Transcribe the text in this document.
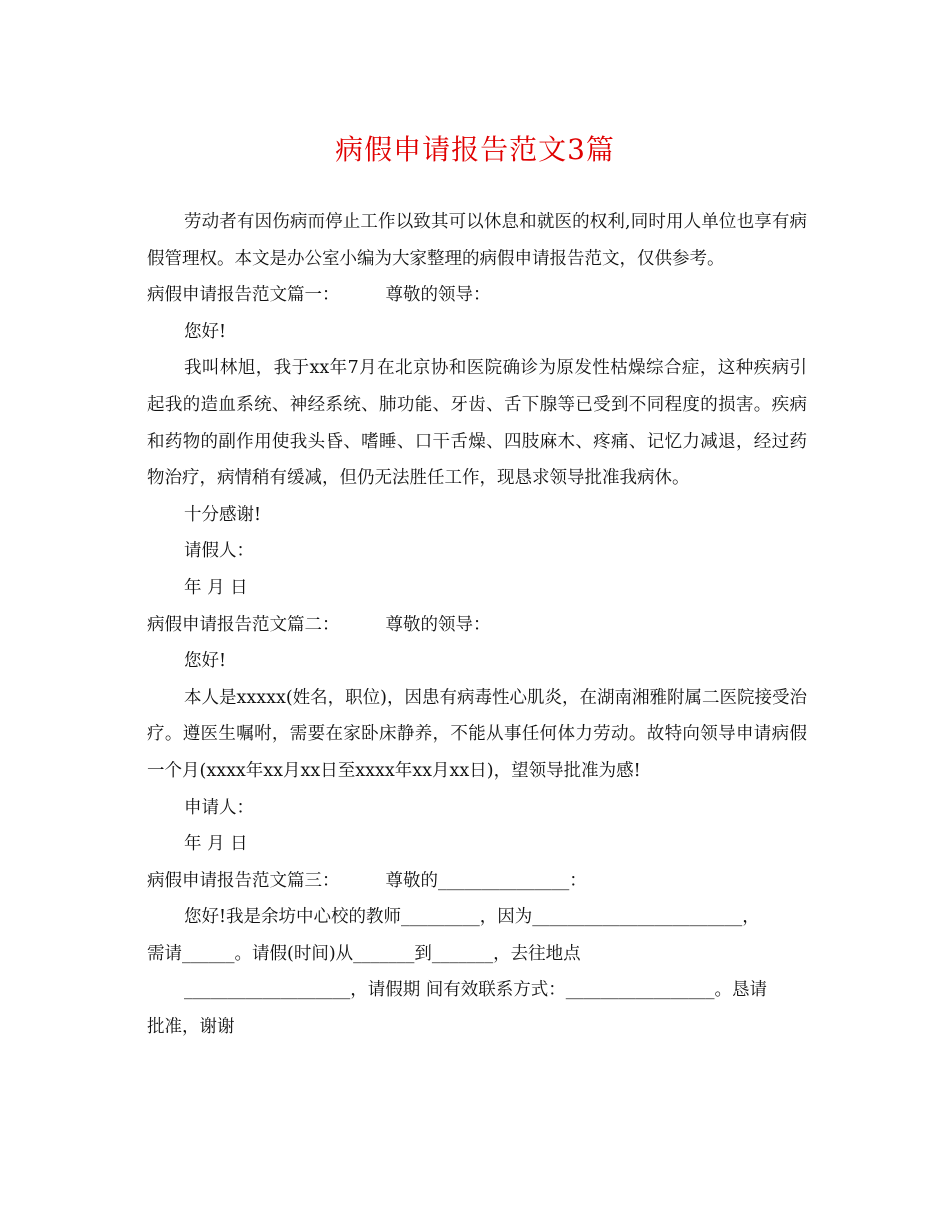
病假申请报告范文3篇

劳动者有因伤病而停止工作以致其可以休息和就医的权利,同时用人单位也享有病假管理权。本文是办公室小编为大家整理的病假申请报告范文，仅供参考。

病假申请报告范文篇一：	尊敬的领导：

您好!

我叫林旭，我于xx年7月在北京协和医院确诊为原发性枯燥综合症，这种疾病引起我的造血系统、神经系统、肺功能、牙齿、舌下腺等已受到不同程度的损害。疾病和药物的副作用使我头昏、嗜睡、口干舌燥、四肢麻木、疼痛、记忆力减退，经过药物治疗，病情稍有缓减，但仍无法胜任工作，现恳求领导批准我病休。

十分感谢!

请假人：

年 月 日

病假申请报告范文篇二：	尊敬的领导：

您好!

本人是xxxxx(姓名，职位)，因患有病毒性心肌炎，在湖南湘雅附属二医院接受治疗。遵医生嘱咐，需要在家卧床静养，不能从事任何体力劳动。故特向领导申请病假一个月(xxxx年xx月xx日至xxxx年xx月xx日)，望领导批准为感!

申请人：

年 月 日

病假申请报告范文篇三：	尊敬的_______________：

您好!我是余坊中心校的教师_________，因为________________________，

需请______。请假(时间)从_______到_______，去往地点

___________________，请假期 间有效联系方式：_________________。恳请

批准，谢谢
